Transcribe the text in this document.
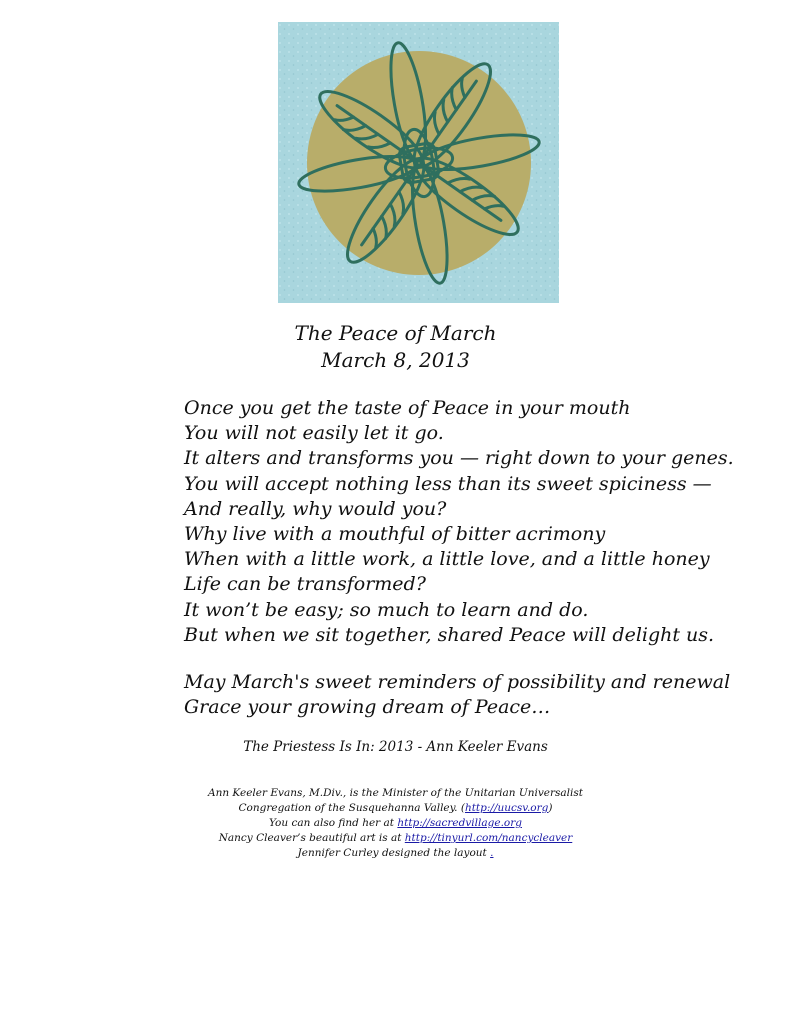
The Peace of March
March 8, 2013
Once you get the taste of Peace in your mouth
You will not easily let it go.
It alters and transforms you — right down to your genes.
You will accept nothing less than its sweet spiciness —
And really, why would you?
Why live with a mouthful of bitter acrimony
When with a little work, a little love, and a little honey
Life can be transformed?
It won’t be easy; so much to learn and do.
But when we sit together, shared Peace will delight us.
May March's sweet reminders of possibility and renewal
Grace your growing dream of Peace…
The Priestess Is In: 2013 - Ann Keeler Evans
Ann Keeler Evans, M.Div., is the Minister of the Unitarian Universalist
Congregation of the Susquehanna Valley. (http://uucsv.org)
You can also find her at http://sacredvillage.org
Nancy Cleaver’s beautiful art is at http://tinyurl.com/nancycleaver
Jennifer Curley designed the layout .
